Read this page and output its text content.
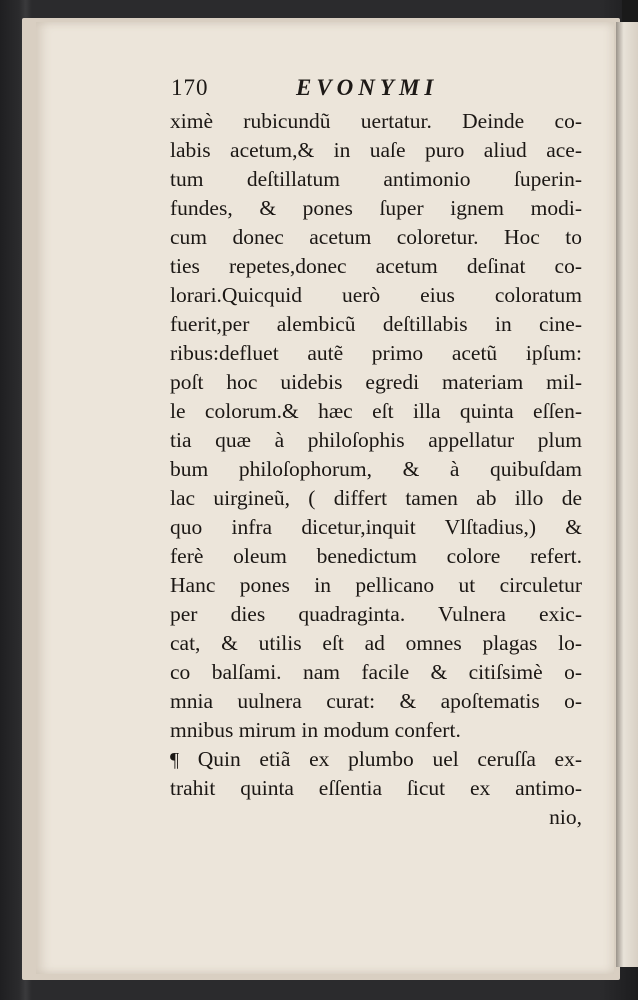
170	EVONYMI
ximè rubicundũ uertatur. Deinde co-
labis acetum,& in uaſe puro aliud ace-
tum deſtillatum antimonio ſuperin-
fundes, & pones ſuper ignem modi-
cum donec acetum coloretur. Hoc to
ties repetes,donec acetum deſinat co-
lorari.Quicquid uerò eius coloratum
fuerit,per alembicũ deſtillabis in cine-
ribus:defluet autẽ primo acetũ ipſum:
poſt hoc uidebis egredi materiam mil-
le colorum.& hæc eſt illa quinta eſſen-
tia quæ à philoſophis appellatur plum
bum philoſophorum, & à quibuſdam
lac uirgineũ, ( differt tamen ab illo de
quo infra dicetur,inquit Vlſtadius,) &
ferè oleum benedictum colore refert.
Hanc pones in pellicano ut circuletur
per dies quadraginta. Vulnera exic-
cat, & utilis eſt ad omnes plagas lo-
co balſami. nam facile & citiſsimè o-
mnia uulnera curat: & apoſtematis o-
mnibus mirum in modum confert.
¶ Quin etiã ex plumbo uel ceruſſa ex-
trahit quinta eſſentia ſicut ex antimo-
nio,
